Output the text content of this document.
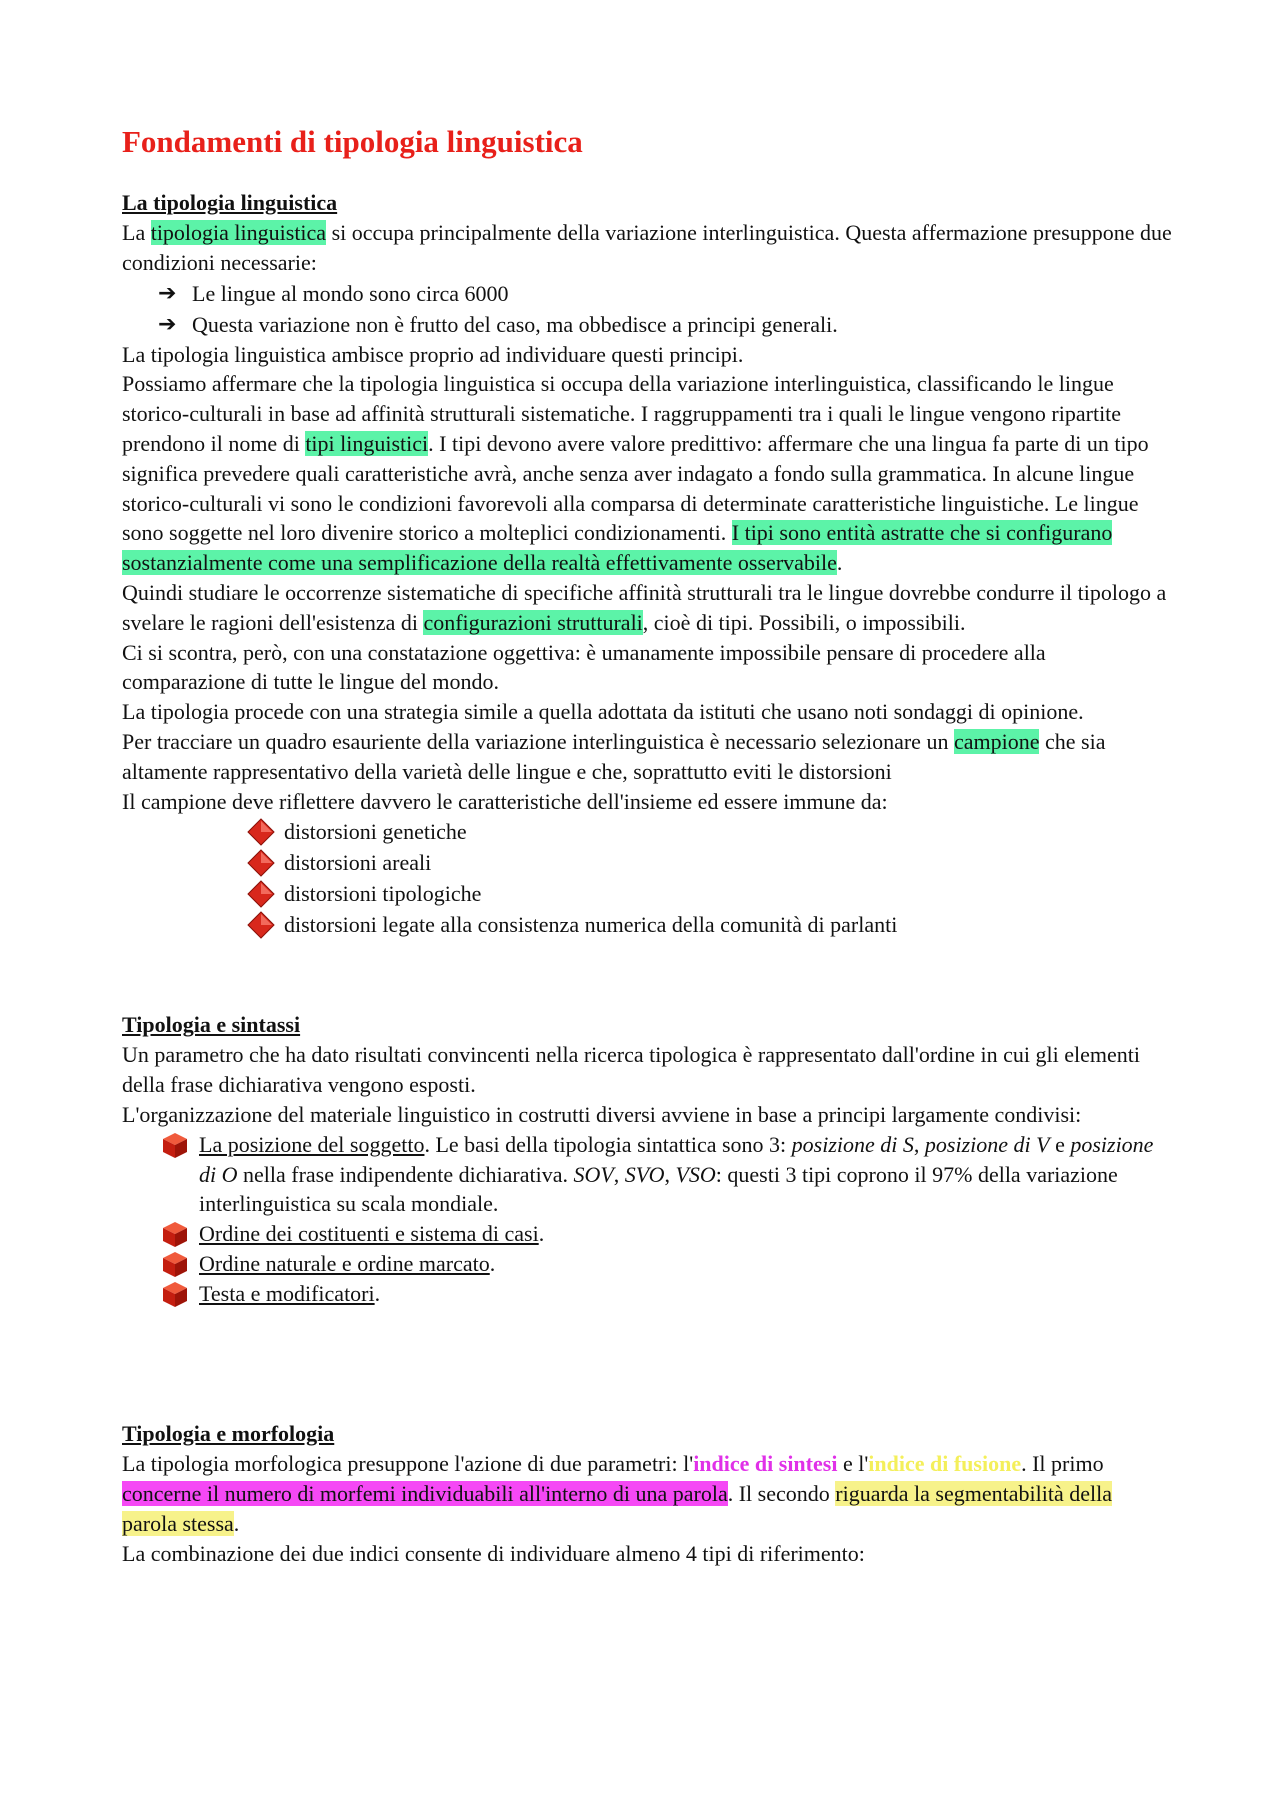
Fondamenti di tipologia linguistica
La tipologia linguistica
La tipologia linguistica si occupa principalmente della variazione interlinguistica. Questa affermazione presuppone due condizioni necessarie:
➔ Le lingue al mondo sono circa 6000
➔ Questa variazione non è frutto del caso, ma obbedisce a principi generali.
La tipologia linguistica ambisce proprio ad individuare questi principi.
Possiamo affermare che la tipologia linguistica si occupa della variazione interlinguistica, classificando le lingue storico-culturali in base ad affinità strutturali sistematiche. I raggruppamenti tra i quali le lingue vengono ripartite prendono il nome di tipi linguistici. I tipi devono avere valore predittivo: affermare che una lingua fa parte di un tipo significa prevedere quali caratteristiche avrà, anche senza aver indagato a fondo sulla grammatica. In alcune lingue storico-culturali vi sono le condizioni favorevoli alla comparsa di determinate caratteristiche linguistiche. Le lingue sono soggette nel loro divenire storico a molteplici condizionamenti. I tipi sono entità astratte che si configurano sostanzialmente come una semplificazione della realtà effettivamente osservabile.
Quindi studiare le occorrenze sistematiche di specifiche affinità strutturali tra le lingue dovrebbe condurre il tipologo a svelare le ragioni dell'esistenza di configurazioni strutturali, cioè di tipi. Possibili, o impossibili.
Ci si scontra, però, con una constatazione oggettiva: è umanamente impossibile pensare di procedere alla comparazione di tutte le lingue del mondo.
La tipologia procede con una strategia simile a quella adottata da istituti che usano noti sondaggi di opinione.
Per tracciare un quadro esauriente della variazione interlinguistica è necessario selezionare un campione che sia altamente rappresentativo della varietà delle lingue e che, soprattutto eviti le distorsioni
Il campione deve riflettere davvero le caratteristiche dell'insieme ed essere immune da:
distorsioni genetiche
distorsioni areali
distorsioni tipologiche
distorsioni legate alla consistenza numerica della comunità di parlanti
Tipologia e sintassi
Un parametro che ha dato risultati convincenti nella ricerca tipologica è rappresentato dall'ordine in cui gli elementi della frase dichiarativa vengono esposti.
L'organizzazione del materiale linguistico in costrutti diversi avviene in base a principi largamente condivisi:
La posizione del soggetto. Le basi della tipologia sintattica sono 3: posizione di S, posizione di V e posizione di O nella frase indipendente dichiarativa. SOV, SVO, VSO: questi 3 tipi coprono il 97% della variazione interlinguistica su scala mondiale.
Ordine dei costituenti e sistema di casi.
Ordine naturale e ordine marcato.
Testa e modificatori.
Tipologia e morfologia
La tipologia morfologica presuppone l'azione di due parametri: l'indice di sintesi e l'indice di fusione. Il primo concerne il numero di morfemi individuabili all'interno di una parola. Il secondo riguarda la segmentabilità della parola stessa.
La combinazione dei due indici consente di individuare almeno 4 tipi di riferimento:
